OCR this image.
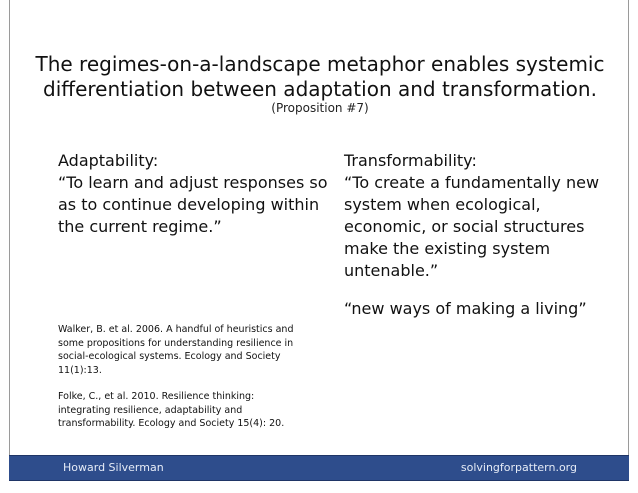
The regimes-on-a-landscape metaphor enables systemic differentiation between adaptation and transformation.
(Proposition #7)
Adaptability:
“To learn and adjust responses so as to continue developing within the current regime.”
Transformability:
“To create a fundamentally new system when ecological, economic, or social structures make the existing system untenable.”
“new ways of making a living”
Walker, B. et al. 2006. A handful of heuristics and some propositions for understanding resilience in social-ecological systems. Ecology and Society 11(1):13.
Folke, C., et al. 2010. Resilience thinking: integrating resilience, adaptability and transformability. Ecology and Society 15(4): 20.
Howard Silverman	solvingforpattern.org
